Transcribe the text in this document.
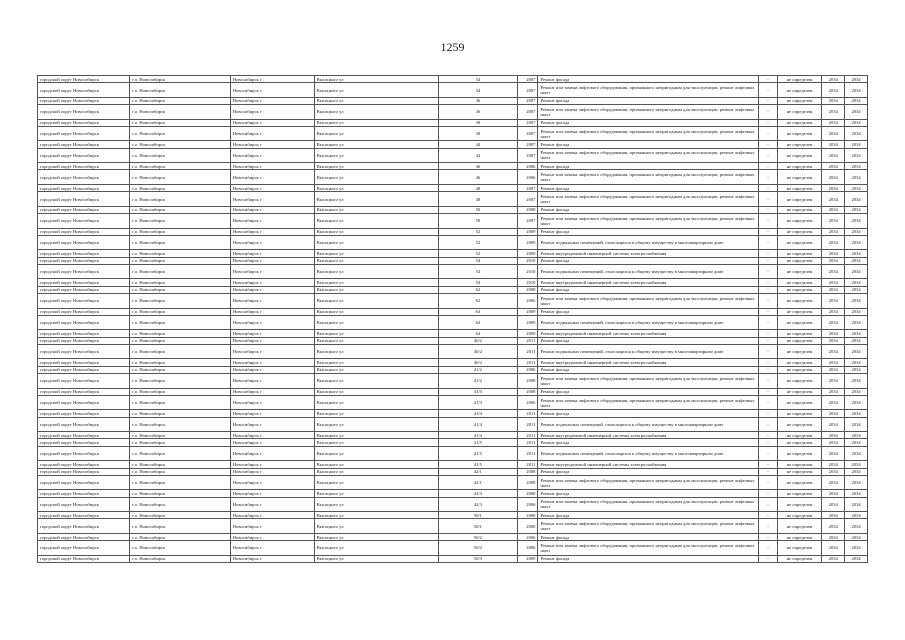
1259
городской округ Новосибирск	г.о. Новосибирск	Новосибирск г	Высоцкого ул	34	2007	Ремонт фасада	-	не определен	2034	2034
городской округ Новосибирск	г.о. Новосибирск	Новосибирск г	Высоцкого ул	34	2007	Ремонт или замена лифтового оборудования, признанного непригодным для эксплуатации, ремонт лифтовых шахт	-	не определен	2034	2034
городской округ Новосибирск	г.о. Новосибирск	Новосибирск г	Высоцкого ул	36	2007	Ремонт фасада	-	не определен	2034	2034
городской округ Новосибирск	г.о. Новосибирск	Новосибирск г	Высоцкого ул	36	2007	Ремонт или замена лифтового оборудования, признанного непригодным для эксплуатации, ремонт лифтовых шахт	-	не определен	2034	2034
городской округ Новосибирск	г.о. Новосибирск	Новосибирск г	Высоцкого ул	38	2007	Ремонт фасада	-	не определен	2034	2034
городской округ Новосибирск	г.о. Новосибирск	Новосибирск г	Высоцкого ул	38	2007	Ремонт или замена лифтового оборудования, признанного непригодным для эксплуатации, ремонт лифтовых шахт	-	не определен	2034	2034
городской округ Новосибирск	г.о. Новосибирск	Новосибирск г	Высоцкого ул	44	2007	Ремонт фасада	-	не определен	2034	2034
городской округ Новосибирск	г.о. Новосибирск	Новосибирск г	Высоцкого ул	44	2007	Ремонт или замена лифтового оборудования, признанного непригодным для эксплуатации, ремонт лифтовых шахт	-	не определен	2034	2034
городской округ Новосибирск	г.о. Новосибирск	Новосибирск г	Высоцкого ул	46	2006	Ремонт фасада	-	не определен	2034	2034
городской округ Новосибирск	г.о. Новосибирск	Новосибирск г	Высоцкого ул	46	2006	Ремонт или замена лифтового оборудования, признанного непригодным для эксплуатации, ремонт лифтовых шахт	-	не определен	2034	2034
городской округ Новосибирск	г.о. Новосибирск	Новосибирск г	Высоцкого ул	48	2007	Ремонт фасада	-	не определен	2034	2034
городской округ Новосибирск	г.о. Новосибирск	Новосибирск г	Высоцкого ул	48	2007	Ремонт или замена лифтового оборудования, признанного непригодным для эксплуатации, ремонт лифтовых шахт	-	не определен	2034	2034
городской округ Новосибирск	г.о. Новосибирск	Новосибирск г	Высоцкого ул	50	2008	Ремонт фасада	-	не определен	2034	2034
городской округ Новосибирск	г.о. Новосибирск	Новосибирск г	Высоцкого ул	50	2007	Ремонт или замена лифтового оборудования, признанного непригодным для эксплуатации, ремонт лифтовых шахт	-	не определен	2034	2034
городской округ Новосибирск	г.о. Новосибирск	Новосибирск г	Высоцкого ул	52	2009	Ремонт фасада	-	не определен	2034	2034
городской округ Новосибирск	г.о. Новосибирск	Новосибирск г	Высоцкого ул	52	2009	Ремонт подвальных помещений, относящихся к общему имуществу в многоквартирном доме	-	не определен	2034	2034
городской округ Новосибирск	г.о. Новосибирск	Новосибирск г	Высоцкого ул	52	2009	Ремонт внутридомовой инженерной системы электроснабжения	-	не определен	2034	2034
городской округ Новосибирск	г.о. Новосибирск	Новосибирск г	Высоцкого ул	54	2010	Ремонт фасада	-	не определен	2034	2034
городской округ Новосибирск	г.о. Новосибирск	Новосибирск г	Высоцкого ул	54	2010	Ремонт подвальных помещений, относящихся к общему имуществу в многоквартирном доме	-	не определен	2034	2034
городской округ Новосибирск	г.о. Новосибирск	Новосибирск г	Высоцкого ул	54	2010	Ремонт внутридомовой инженерной системы электроснабжения	-	не определен	2034	2034
городской округ Новосибирск	г.о. Новосибирск	Новосибирск г	Высоцкого ул	62	2008	Ремонт фасада	-	не определен	2034	2034
городской округ Новосибирск	г.о. Новосибирск	Новосибирск г	Высоцкого ул	62	2006	Ремонт или замена лифтового оборудования, признанного непригодным для эксплуатации, ремонт лифтовых шахт	-	не определен	2034	2034
городской округ Новосибирск	г.о. Новосибирск	Новосибирск г	Высоцкого ул	64	2009	Ремонт фасада	-	не определен	2034	2034
городской округ Новосибирск	г.о. Новосибирск	Новосибирск г	Высоцкого ул	64	2009	Ремонт подвальных помещений, относящихся к общему имуществу в многоквартирном доме	-	не определен	2034	2034
городской округ Новосибирск	г.о. Новосибирск	Новосибирск г	Высоцкого ул	64	2009	Ремонт внутридомовой инженерной системы электроснабжения	-	не определен	2034	2034
городской округ Новосибирск	г.о. Новосибирск	Новосибирск г	Высоцкого ул	40/2	2011	Ремонт фасада	-	не определен	2034	2034
городской округ Новосибирск	г.о. Новосибирск	Новосибирск г	Высоцкого ул	40/2	2011	Ремонт подвальных помещений, относящихся к общему имуществу в многоквартирном доме	-	не определен	2034	2034
городской округ Новосибирск	г.о. Новосибирск	Новосибирск г	Высоцкого ул	40/2	2011	Ремонт внутридомовой инженерной системы электроснабжения	-	не определен	2034	2034
городской округ Новосибирск	г.о. Новосибирск	Новосибирск г	Высоцкого ул	41/2	2006	Ремонт фасада	-	не определен	2034	2034
городской округ Новосибирск	г.о. Новосибирск	Новосибирск г	Высоцкого ул	41/2	2008	Ремонт или замена лифтового оборудования, признанного непригодным для эксплуатации, ремонт лифтовых шахт	-	не определен	2034	2034
городской округ Новосибирск	г.о. Новосибирск	Новосибирск г	Высоцкого ул	41/3	2008	Ремонт фасада	-	не определен	2034	2034
городской округ Новосибирск	г.о. Новосибирск	Новосибирск г	Высоцкого ул	41/3	2006	Ремонт или замена лифтового оборудования, признанного непригодным для эксплуатации, ремонт лифтовых шахт	-	не определен	2034	2034
городской округ Новосибирск	г.о. Новосибирск	Новосибирск г	Высоцкого ул	41/4	2011	Ремонт фасада	-	не определен	2034	2034
городской округ Новосибирск	г.о. Новосибирск	Новосибирск г	Высоцкого ул	41/4	2011	Ремонт подвальных помещений, относящихся к общему имуществу в многоквартирном доме	-	не определен	2034	2034
городской округ Новосибирск	г.о. Новосибирск	Новосибирск г	Высоцкого ул	41/4	2011	Ремонт внутридомовой инженерной системы электроснабжения	-	не определен	2034	2034
городской округ Новосибирск	г.о. Новосибирск	Новосибирск г	Высоцкого ул	41/5	2011	Ремонт фасада	-	не определен	2034	2034
городской округ Новосибирск	г.о. Новосибирск	Новосибирск г	Высоцкого ул	41/5	2011	Ремонт подвальных помещений, относящихся к общему имуществу в многоквартирном доме	-	не определен	2034	2034
городской округ Новосибирск	г.о. Новосибирск	Новосибирск г	Высоцкого ул	41/5	2011	Ремонт внутридомовой инженерной системы электроснабжения	-	не определен	2034	2054
городской округ Новосибирск	г.о. Новосибирск	Новосибирск г	Высоцкого ул	42/1	2008	Ремонт фасада	-	не определен	2034	2034
городской округ Новосибирск	г.о. Новосибирск	Новосибирск г	Высоцкого ул	42/1	2008	Ремонт или замена лифтового оборудования, признанного непригодным для эксплуатации, ремонт лифтовых шахт	-	не определен	2034	2034
городской округ Новосибирск	г.о. Новосибирск	Новосибирск г	Высоцкого ул	42/3	2008	Ремонт фасада	-	не определен	2034	2034
городской округ Новосибирск	г.о. Новосибирск	Новосибирск г	Высоцкого ул	42/3	2006	Ремонт или замена лифтового оборудования, признанного непригодным для эксплуатации, ремонт лифтовых шахт	-	не определен	2034	2034
городской округ Новосибирск	г.о. Новосибирск	Новосибирск г	Высоцкого ул	50/1	2008	Ремонт фасада	-	не определен	2034	2034
городской округ Новосибирск	г.о. Новосибирск	Новосибирск г	Высоцкого ул	50/1	2008	Ремонт или замена лифтового оборудования, признанного непригодным для эксплуатации, ремонт лифтовых шахт	-	не определен	2034	2034
городской округ Новосибирск	г.о. Новосибирск	Новосибирск г	Высоцкого ул	50/2	2006	Ремонт фасада	-	не определен	2034	2034
городской округ Новосибирск	г.о. Новосибирск	Новосибирск г	Высоцкого ул	50/2	2006	Ремонт или замена лифтового оборудования, признанного непригодным для эксплуатации, ремонт лифтовых шахт	-	не определен	2034	2034
городской округ Новосибирск	г.о. Новосибирск	Новосибирск г	Высоцкого ул	50/3	2009	Ремонт фасада	-	не определен	2034	2034
